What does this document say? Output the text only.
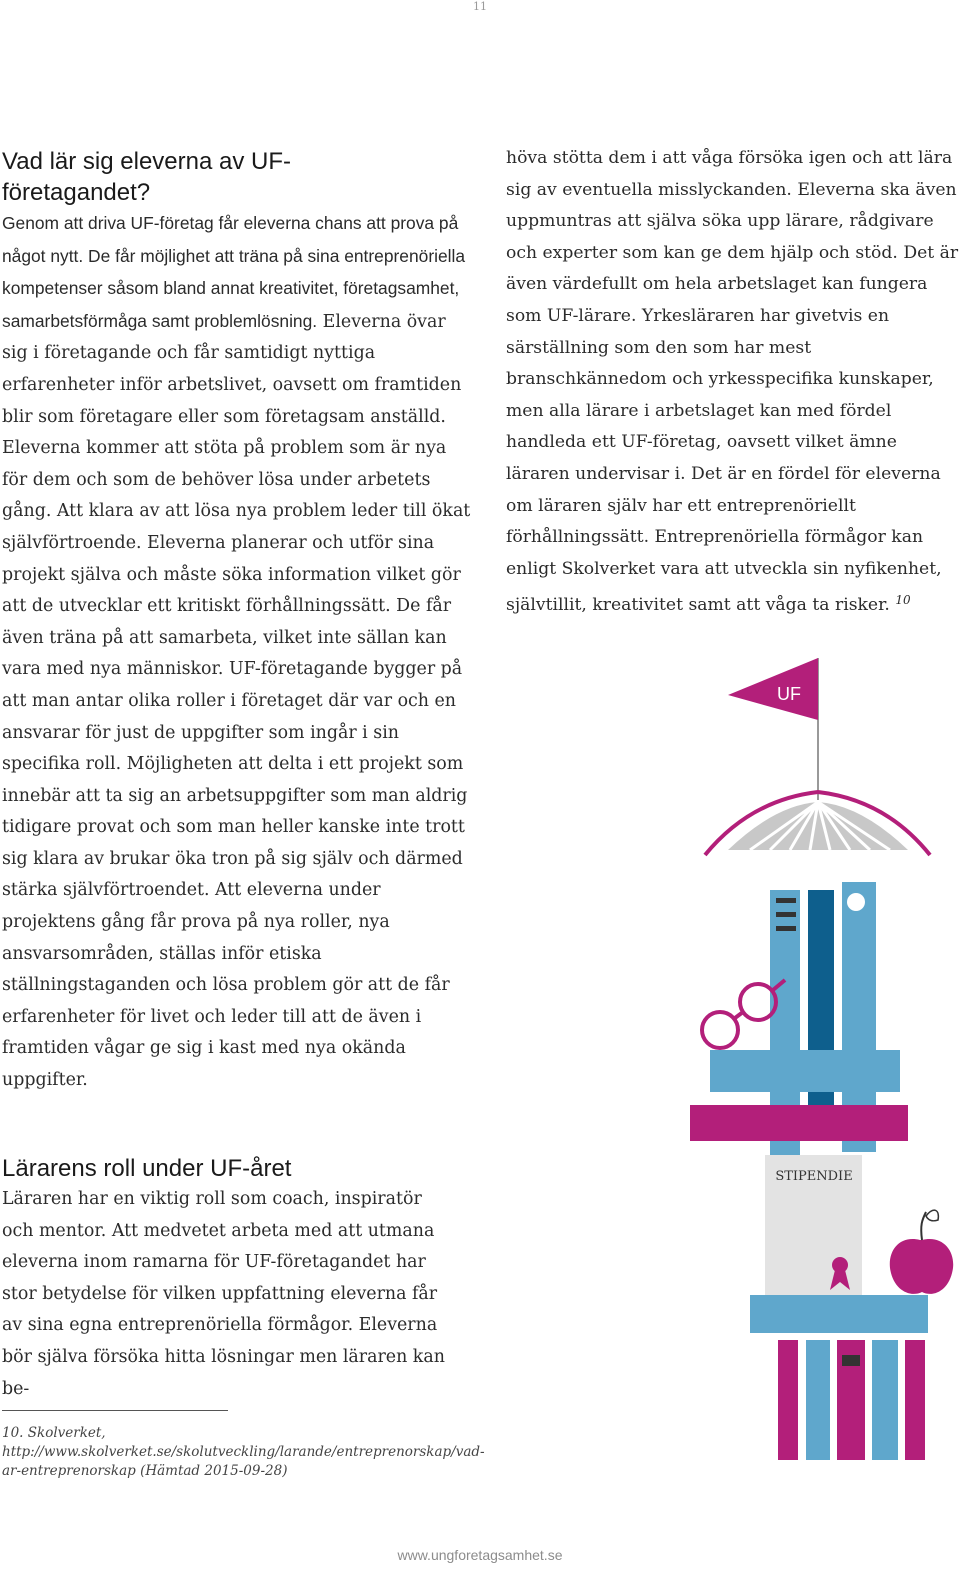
11
Vad lär sig eleverna av UF-företagandet?

Genom att driva UF-företag får eleverna chans att prova på något nytt. De får möjlighet att träna på sina entreprenöriella kompetenser såsom bland annat kreativitet, företagsamhet, samarbetsförmåga samt problemlösning. Eleverna övar sig i företagande och får samtidigt nyttiga erfarenheter inför arbetslivet, oavsett om framtiden blir som företagare eller som företagsam anställd. Eleverna kommer att stöta på problem som är nya för dem och som de behöver lösa under arbetets gång. Att klara av att lösa nya problem leder till ökat självförtroende. Eleverna planerar och utför sina projekt själva och måste söka information vilket gör att de utvecklar ett kritiskt förhållningssätt. De får även träna på att samarbeta, vilket inte sällan kan vara med nya människor. UF-företagande bygger på att man antar olika roller i företaget där var och en ansvarar för just de uppgifter som ingår i sin specifika roll. Möjligheten att delta i ett projekt som innebär att ta sig an arbetsuppgifter som man aldrig tidigare provat och som man heller kanske inte trott sig klara av brukar öka tron på sig själv och därmed stärka självförtroendet. Att eleverna under projektens gång får prova på nya roller, nya ansvarsområden, ställas inför etiska ställningstaganden och lösa problem gör att de får erfarenheter för livet och leder till att de även i framtiden vågar ge sig i kast med nya okända uppgifter.

Lärarens roll under UF-året

Läraren har en viktig roll som coach, inspiratör och mentor. Att medvetet arbeta med att utmana eleverna inom ramarna för UF-företagandet har stor betydelse för vilken uppfattning eleverna får av sina egna entreprenöriella förmågor. Eleverna bör själva försöka hitta lösningar men läraren kan be-

höva stötta dem i att våga försöka igen och att lära sig av eventuella misslyckanden. Eleverna ska även uppmuntras att själva söka upp lärare, rådgivare och experter som kan ge dem hjälp och stöd. Det är även värdefullt om hela arbetslaget kan fungera som UF-lärare. Yrkesläraren har givetvis en särställning som den som har mest branschkännedom och yrkesspecifika kunskaper, men alla lärare i arbetslaget kan med fördel handleda ett UF-företag, oavsett vilket ämne läraren undervisar i. Det är en fördel för eleverna om läraren själv har ett entreprenöriellt förhållningssätt. Entreprenöriella förmågor kan enligt Skolverket vara att utveckla sin nyfikenhet, självtillit, kreativitet samt att våga ta risker. $^{10}$

10. Skolverket, http://www.skolverket.se/skolutveckling/larande/entreprenorskap/vad-ar-entreprenorskap (Hämtad 2015-09-28)
www.ungforetagsamhet.se
UF
STIPENDIE
